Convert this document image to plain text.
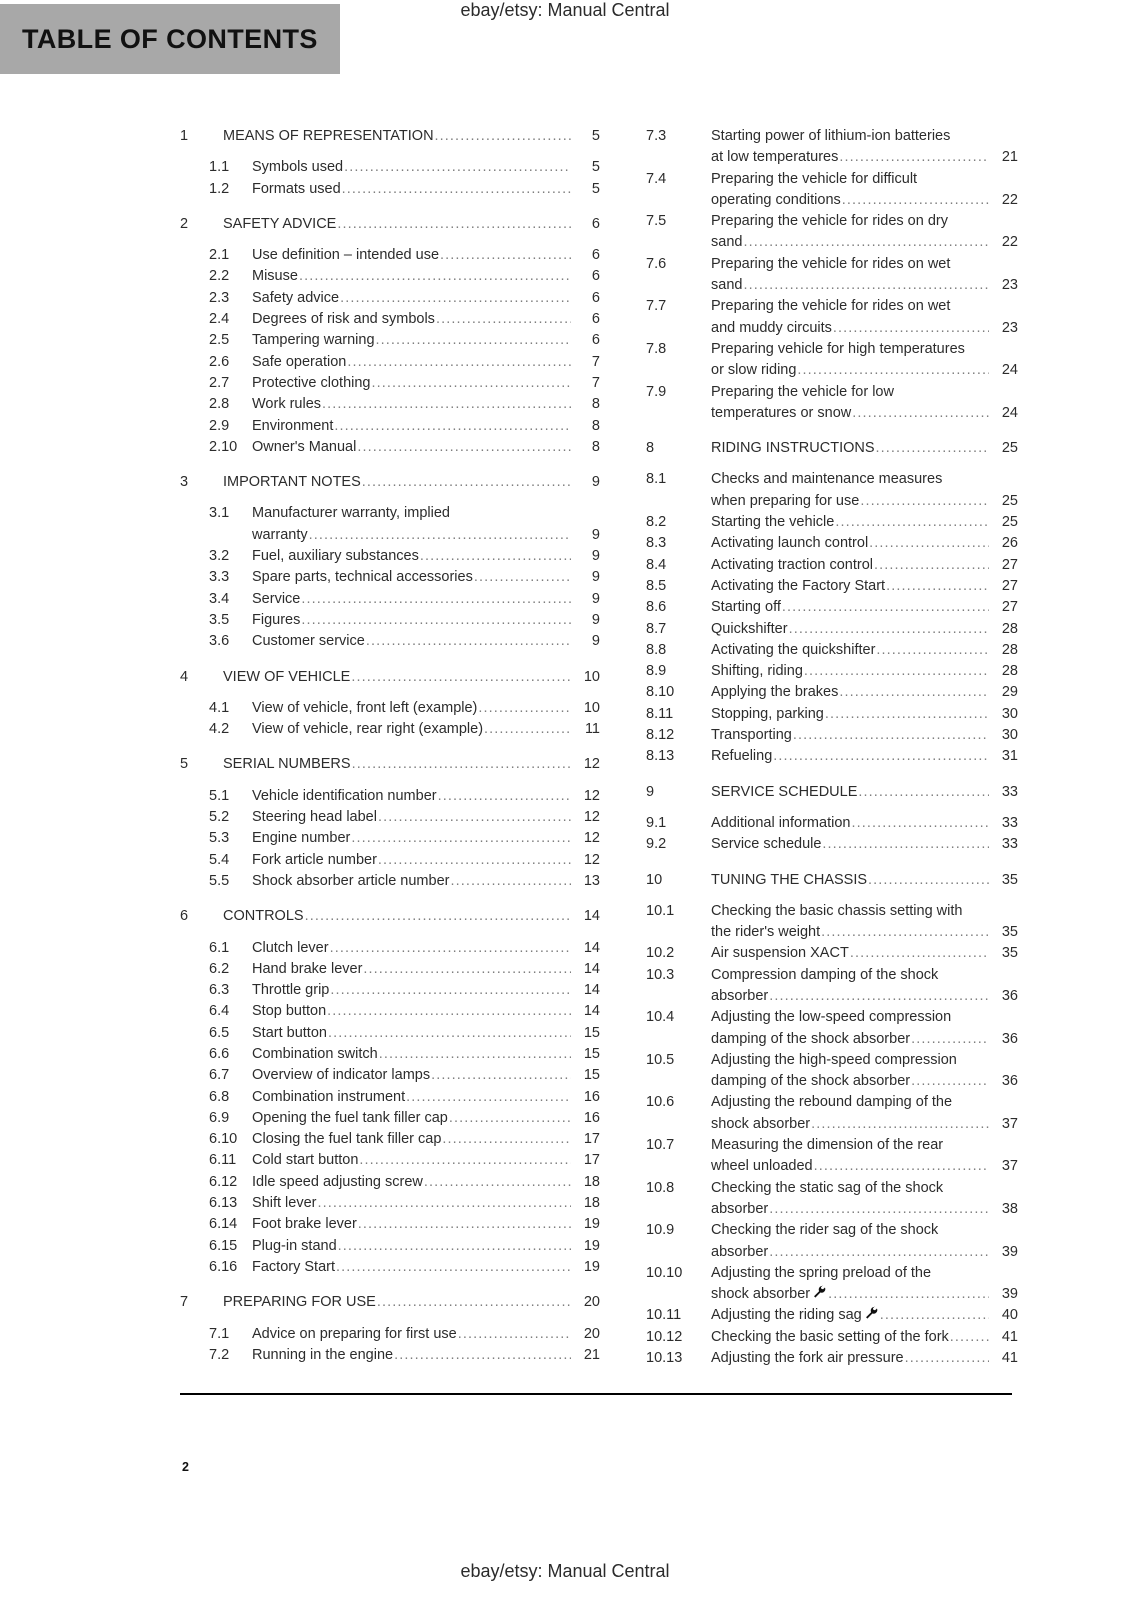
ebay/etsy: Manual Central
TABLE OF CONTENTS
1	MEANS OF REPRESENTATION .....	5
1.1	Symbols used .....	5
1.2	Formats used .....	5
2	SAFETY ADVICE .....	6
2.1	Use definition – intended use .....	6
2.2	Misuse .....	6
2.3	Safety advice .....	6
2.4	Degrees of risk and symbols .....	6
2.5	Tampering warning .....	6
2.6	Safe operation .....	7
2.7	Protective clothing .....	7
2.8	Work rules .....	8
2.9	Environment .....	8
2.10	Owner's Manual .....	8
3	IMPORTANT NOTES .....	9
3.1	Manufacturer warranty, implied
warranty .....	9
3.2	Fuel, auxiliary substances .....	9
3.3	Spare parts, technical accessories .....	9
3.4	Service .....	9
3.5	Figures .....	9
3.6	Customer service .....	9
4	VIEW OF VEHICLE .....	10
4.1	View of vehicle, front left (example) .....	10
4.2	View of vehicle, rear right (example) .....	11
5	SERIAL NUMBERS .....	12
5.1	Vehicle identification number .....	12
5.2	Steering head label .....	12
5.3	Engine number .....	12
5.4	Fork article number .....	12
5.5	Shock absorber article number .....	13
6	CONTROLS .....	14
6.1	Clutch lever .....	14
6.2	Hand brake lever .....	14
6.3	Throttle grip .....	14
6.4	Stop button .....	14
6.5	Start button .....	15
6.6	Combination switch .....	15
6.7	Overview of indicator lamps .....	15
6.8	Combination instrument .....	16
6.9	Opening the fuel tank filler cap .....	16
6.10	Closing the fuel tank filler cap .....	17
6.11	Cold start button .....	17
6.12	Idle speed adjusting screw .....	18
6.13	Shift lever .....	18
6.14	Foot brake lever .....	19
6.15	Plug-in stand .....	19
6.16	Factory Start .....	19
7	PREPARING FOR USE .....	20
7.1	Advice on preparing for first use .....	20
7.2	Running in the engine .....	21
7.3	Starting power of lithium-ion batteries
at low temperatures .....	21
7.4	Preparing the vehicle for difficult
operating conditions .....	22
7.5	Preparing the vehicle for rides on dry
sand .....	22
7.6	Preparing the vehicle for rides on wet
sand .....	23
7.7	Preparing the vehicle for rides on wet
and muddy circuits .....	23
7.8	Preparing vehicle for high temperatures
or slow riding .....	24
7.9	Preparing the vehicle for low
temperatures or snow .....	24
8	RIDING INSTRUCTIONS .....	25
8.1	Checks and maintenance measures
when preparing for use .....	25
8.2	Starting the vehicle .....	25
8.3	Activating launch control .....	26
8.4	Activating traction control .....	27
8.5	Activating the Factory Start .....	27
8.6	Starting off .....	27
8.7	Quickshifter .....	28
8.8	Activating the quickshifter .....	28
8.9	Shifting, riding .....	28
8.10	Applying the brakes .....	29
8.11	Stopping, parking .....	30
8.12	Transporting .....	30
8.13	Refueling .....	31
9	SERVICE SCHEDULE .....	33
9.1	Additional information .....	33
9.2	Service schedule .....	33
10	TUNING THE CHASSIS .....	35
10.1	Checking the basic chassis setting with
the rider's weight .....	35
10.2	Air suspension XACT .....	35
10.3	Compression damping of the shock
absorber .....	36
10.4	Adjusting the low-speed compression
damping of the shock absorber .....	36
10.5	Adjusting the high-speed compression
damping of the shock absorber .....	36
10.6	Adjusting the rebound damping of the
shock absorber .....	37
10.7	Measuring the dimension of the rear
wheel unloaded .....	37
10.8	Checking the static sag of the shock
absorber .....	38
10.9	Checking the rider sag of the shock
absorber .....	39
10.10	Adjusting the spring preload of the
shock absorber .....	39
10.11	Adjusting the riding sag .....	40
10.12	Checking the basic setting of the fork .....	41
10.13	Adjusting the fork air pressure .....	41
2
ebay/etsy: Manual Central
